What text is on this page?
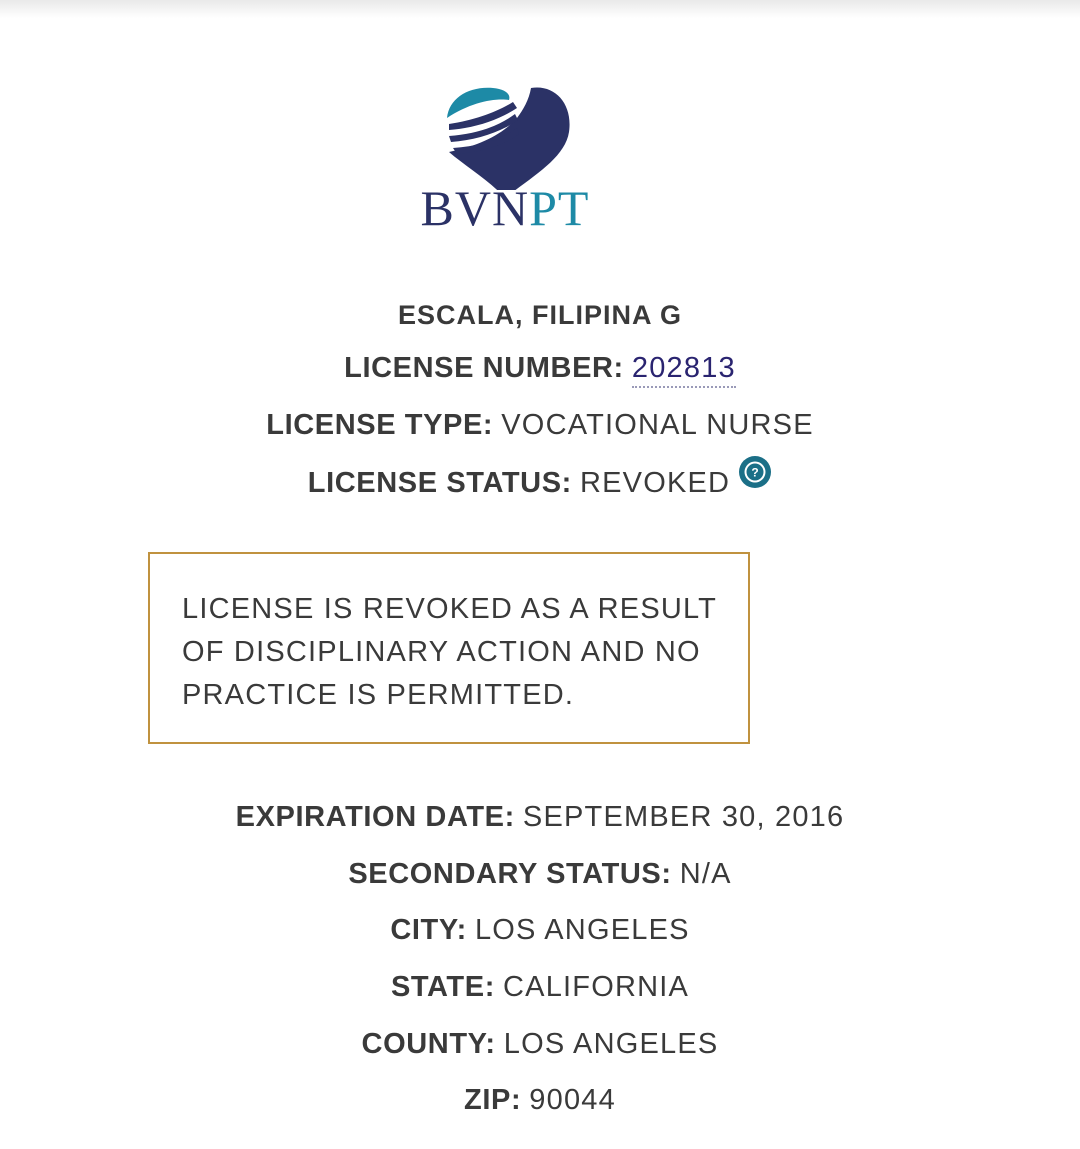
BVNPT
ESCALA, FILIPINA G
LICENSE NUMBER: 202813
LICENSE TYPE: VOCATIONAL NURSE
LICENSE STATUS: REVOKED ?
LICENSE IS REVOKED AS A RESULT OF DISCIPLINARY ACTION AND NO PRACTICE IS PERMITTED.
EXPIRATION DATE: SEPTEMBER 30, 2016
SECONDARY STATUS: N/A
CITY: LOS ANGELES
STATE: CALIFORNIA
COUNTY: LOS ANGELES
ZIP: 90044
